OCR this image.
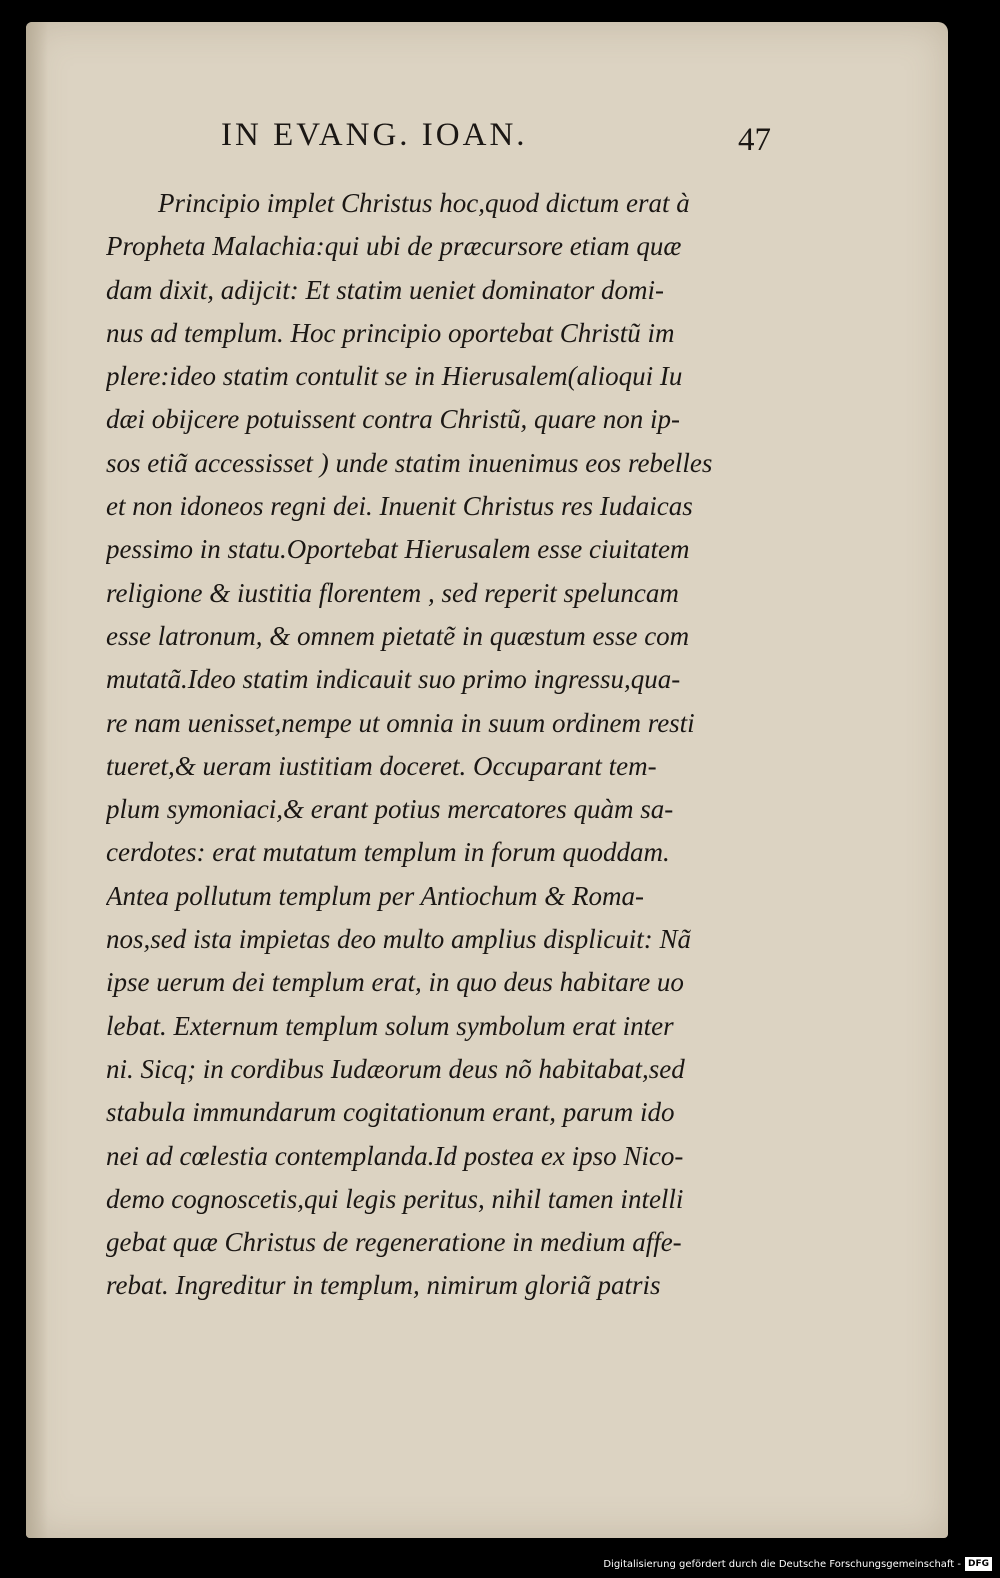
IN EVANG. IOAN.	47
Principio implet Christus hoc,quod dictum erat à
Propheta Malachia:qui ubi de præcursore etiam quæ
dam dixit, adijcit: Et statim ueniet dominator domi-
nus ad templum. Hoc principio oportebat Christũ im
plere:ideo statim contulit se in Hierusalem(alioqui Iu
dæi obijcere potuissent contra Christũ, quare non ip-
sos etiã accessisset ) unde statim inuenimus eos rebelles
et non idoneos regni dei. Inuenit Christus res Iudaicas
pessimo in statu.Oportebat Hierusalem esse ciuitatem
religione & iustitia florentem , sed reperit speluncam
esse latronum, & omnem pietatẽ in quæstum esse com
mutatã.Ideo statim indicauit suo primo ingressu,qua-
re nam uenisset,nempe ut omnia in suum ordinem resti
tueret,& ueram iustitiam doceret. Occuparant tem-
plum symoniaci,& erant potius mercatores quàm sa-
cerdotes: erat mutatum templum in forum quoddam.
Antea pollutum templum per Antiochum & Roma-
nos,sed ista impietas deo multo amplius displicuit: Nã
ipse uerum dei templum erat, in quo deus habitare uo
lebat. Externum templum solum symbolum erat inter
ni. Sicq; in cordibus Iudæorum deus nõ habitabat,sed
stabula immundarum cogitationum erant, parum ido
nei ad cœlestia contemplanda.Id postea ex ipso Nico-
demo cognoscetis,qui legis peritus, nihil tamen intelli
gebat quæ Christus de regeneratione in medium affe-
rebat. Ingreditur in templum, nimirum gloriã patris
Digitalisierung gefördert durch die Deutsche Forschungsgemeinschaft - DFG
